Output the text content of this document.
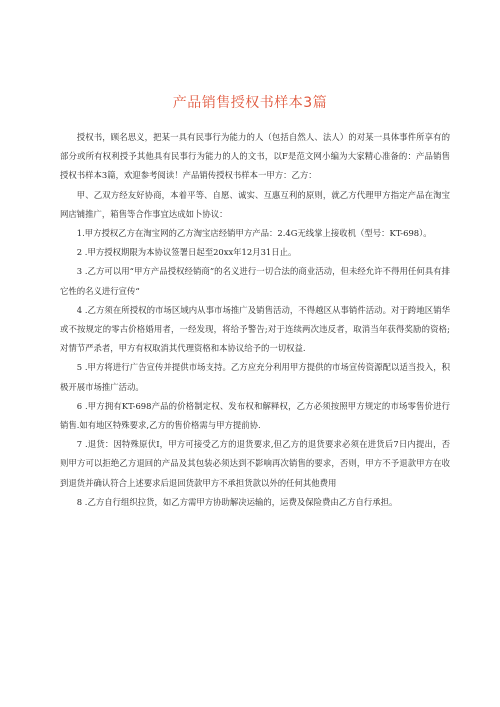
产品销售授权书样本3篇

授权书，顾名思义，把某一具有民事行为能力的人（包括自然人、法人）的对某一具体事件所享有的部分或所有权利授予其他具有民事行为能力的人的文书，以F是范文网小编为大家精心准备的：产品销售授权书样本3篇，欢迎参考阅读！产品销传授权书样本一甲方：乙方：

甲、乙双方经友好协商，本着平等、自愿、诚实、互惠互利的原则，就乙方代理甲方指定产品在淘宝网店铺推广，箱售等合作事宜达成如卜协议：

1.甲方授权乙方在淘宝网的乙方淘宝店经销甲方产品：2.4G无线掌上接收机（型号：KT-698）。

2 .甲方授权期限为本协议签署日起至20xx年12月31日止。

3 .乙方可以用“甲方产品授权经销商”的名义进行一切合法的商业活动，但未经允许不得用任何具有排它性的名义进行宣传“

4 .乙方须在所授权的市场区域内从事市场推广及销售活动，不得越区从事销件活动。对于跨地区销华或不按规定的零古价格婚用者，一经发现，将给予警告;对于连续两次违反者，取消当年获得奖励的资格;对情节严杀者，甲方有权取消其代理资格和本协议给予的一切权益.

5 .甲方将进行广告宣传并提供市场支持。乙方应充分利用甲方提供的市场宣传资源配以适当投入，积极开展市场推广活动。

6 .甲方拥有KT-698产品的价格制定权、发布权和解释权，乙方必须按照甲方规定的市场零售价进行销售.如有地区特殊要求,乙方的售价格需与甲方提前协.

7 .退货：因特殊原伏I，甲方可接受乙方的退货要求,但乙方的退货要求必须在进货后7日内提出，否则甲方可以拒绝乙方退回的产品及其包装必须达到不影响再次销售的要求，否则，甲方不予退款甲方在收到退货并确认符合上述要求后退回货款甲方不承担货款以外的任何其他费用

8 .乙方自行组织拉货，如乙方需甲方协助解决运输的，运费及保险费由乙方自行承担。
